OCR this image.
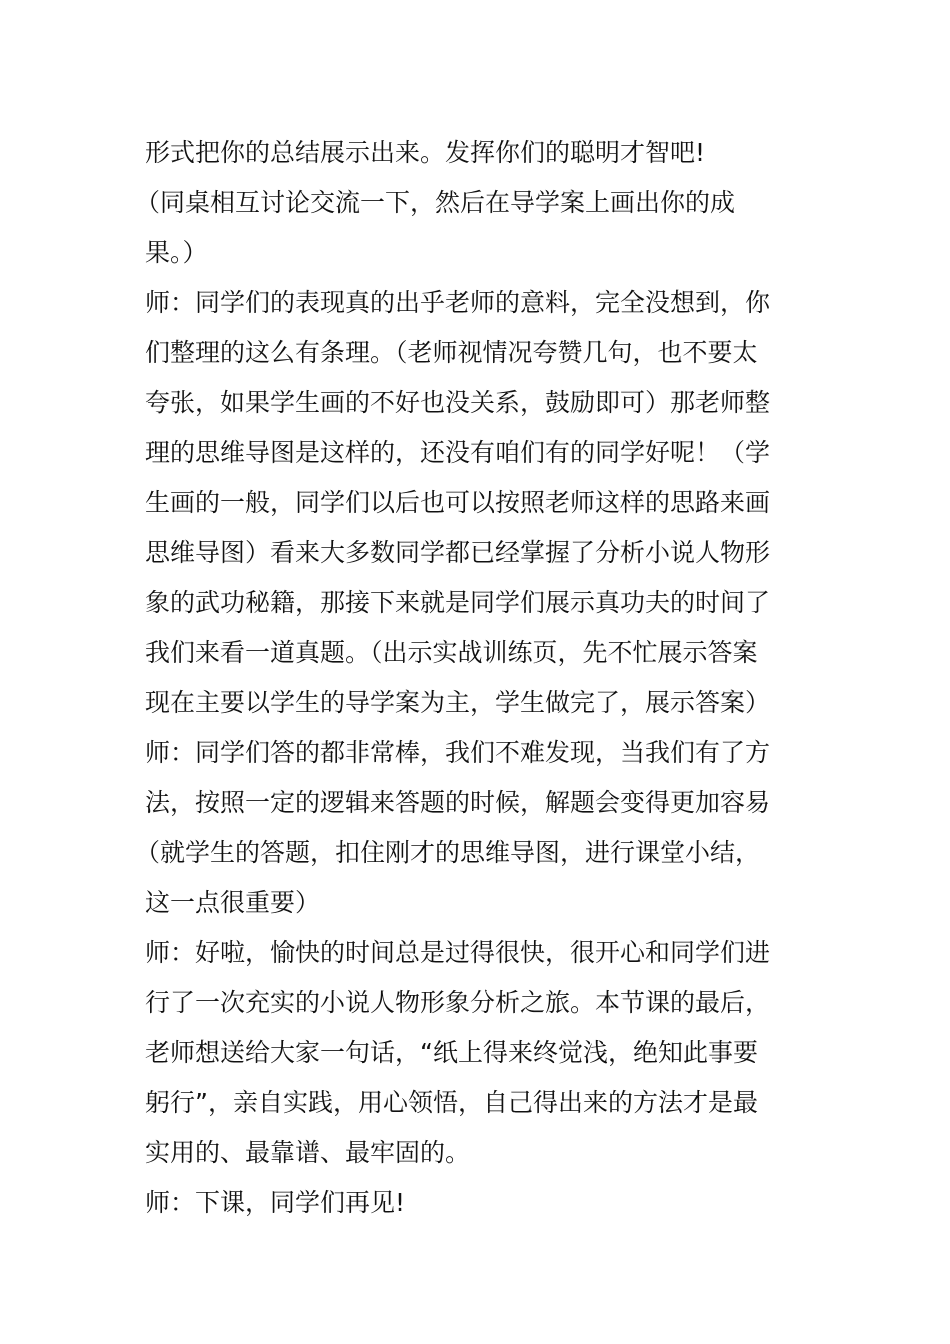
形式把你的总结展示出来。发挥你们的聪明才智吧!
（同桌相互讨论交流一下，然后在导学案上画出你的成
果。）
师：同学们的表现真的出乎老师的意料，完全没想到，你
们整理的这么有条理。（老师视情况夸赞几句，也不要太
夸张，如果学生画的不好也没关系，鼓励即可）那老师整
理的思维导图是这样的，还没有咱们有的同学好呢！（学
生画的一般，同学们以后也可以按照老师这样的思路来画
思维导图）看来大多数同学都已经掌握了分析小说人物形
象的武功秘籍，那接下来就是同学们展示真功夫的时间了
我们来看一道真题。（出示实战训练页，先不忙展示答案
现在主要以学生的导学案为主，学生做完了，展示答案）
师：同学们答的都非常棒，我们不难发现，当我们有了方
法，按照一定的逻辑来答题的时候，解题会变得更加容易
（就学生的答题，扣住刚才的思维导图，进行课堂小结，
这一点很重要）
师：好啦，愉快的时间总是过得很快，很开心和同学们进
行了一次充实的小说人物形象分析之旅。本节课的最后，
老师想送给大家一句话，“纸上得来终觉浅，绝知此事要
躬行”，亲自实践，用心领悟，自己得出来的方法才是最
实用的、最靠谱、最牢固的。
师：下课，同学们再见!
